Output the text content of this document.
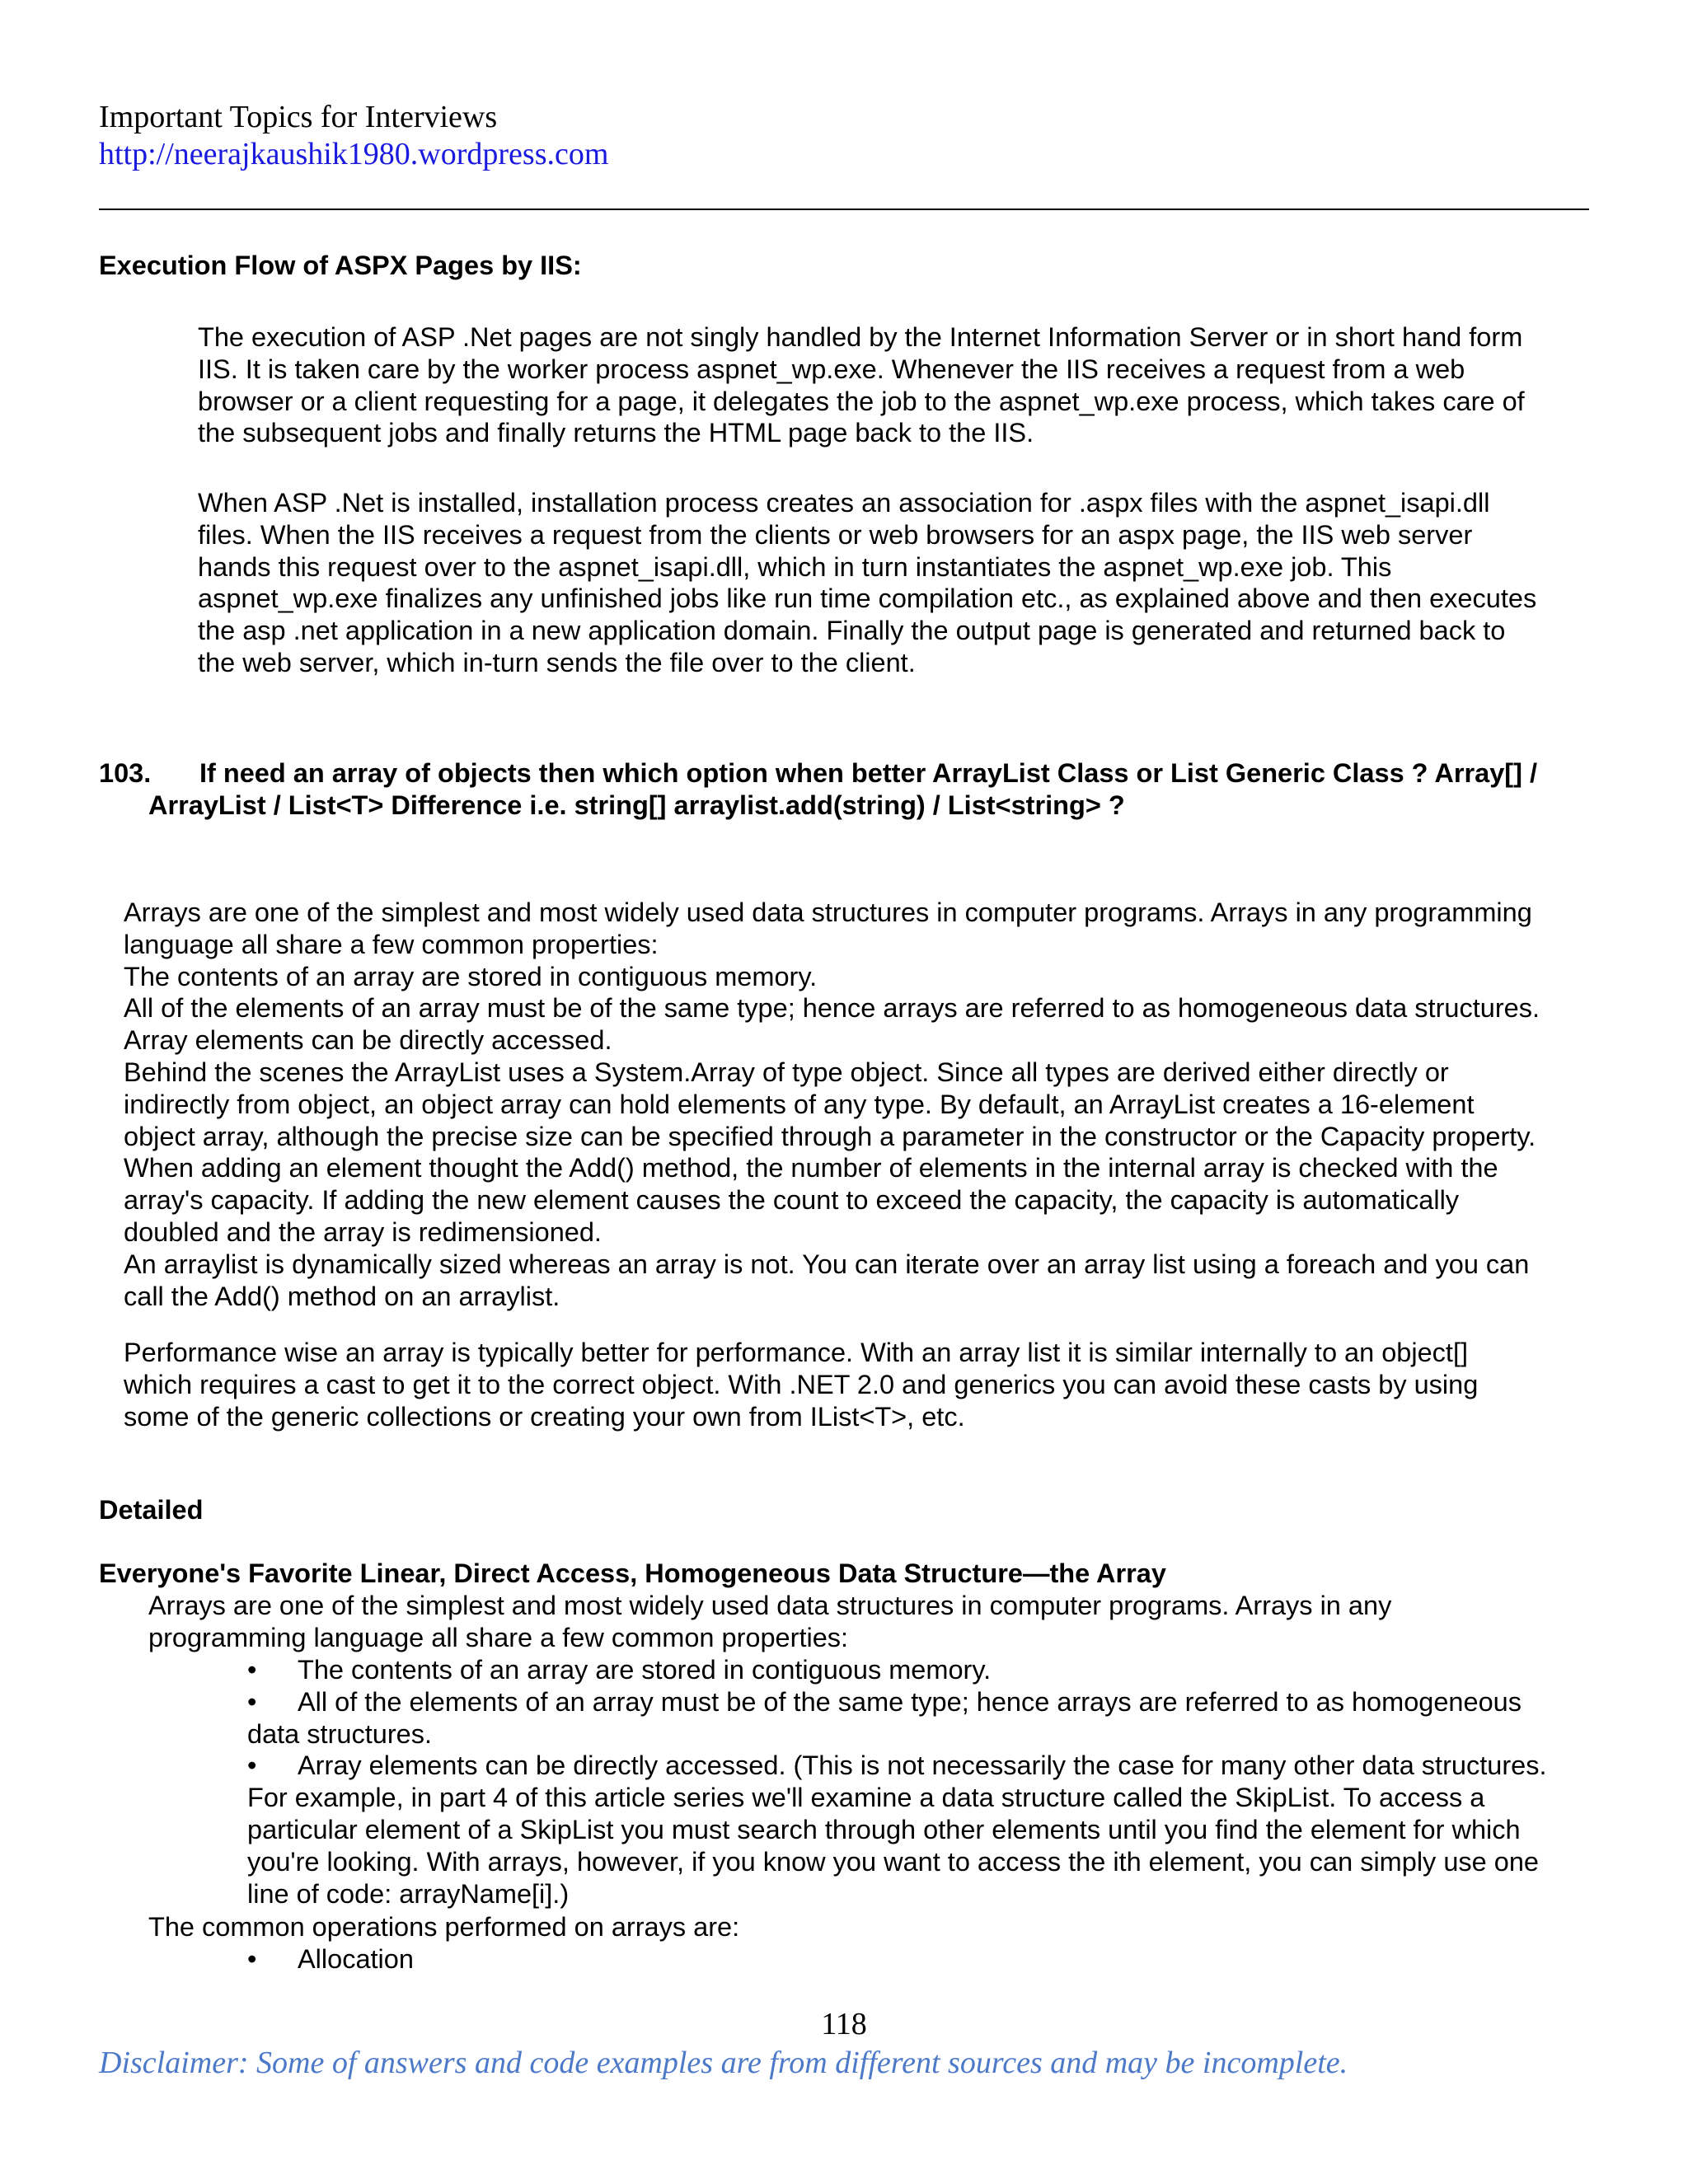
Important Topics for Interviews
http://neerajkaushik1980.wordpress.com
Execution Flow of ASPX Pages by IIS:
The execution of ASP .Net pages are not singly handled by the Internet Information Server or in short hand form
IIS. It is taken care by the worker process aspnet_wp.exe. Whenever the IIS receives a request from a web
browser or a client requesting for a page, it delegates the job to the aspnet_wp.exe process, which takes care of
the subsequent jobs and finally returns the HTML page back to the IIS.
When ASP .Net is installed, installation process creates an association for .aspx files with the aspnet_isapi.dll
files. When the IIS receives a request from the clients or web browsers for an aspx page, the IIS web server
hands this request over to the aspnet_isapi.dll, which in turn instantiates the aspnet_wp.exe job. This
aspnet_wp.exe finalizes any unfinished jobs like run time compilation etc., as explained above and then executes
the asp .net application in a new application domain. Finally the output page is generated and returned back to
the web server, which in-turn sends the file over to the client.
103. If need an array of objects then which option when better ArrayList Class or List Generic Class ? Array[] /
ArrayList / List<T> Difference i.e. string[] arraylist.add(string) / List<string> ?
Arrays are one of the simplest and most widely used data structures in computer programs. Arrays in any programming
language all share a few common properties:
The contents of an array are stored in contiguous memory.
All of the elements of an array must be of the same type; hence arrays are referred to as homogeneous data structures.
Array elements can be directly accessed.
Behind the scenes the ArrayList uses a System.Array of type object. Since all types are derived either directly or
indirectly from object, an object array can hold elements of any type. By default, an ArrayList creates a 16-element
object array, although the precise size can be specified through a parameter in the constructor or the Capacity property.
When adding an element thought the Add() method, the number of elements in the internal array is checked with the
array's capacity. If adding the new element causes the count to exceed the capacity, the capacity is automatically
doubled and the array is redimensioned.
An arraylist is dynamically sized whereas an array is not. You can iterate over an array list using a foreach and you can
call the Add() method on an arraylist.
Performance wise an array is typically better for performance. With an array list it is similar internally to an object[]
which requires a cast to get it to the correct object. With .NET 2.0 and generics you can avoid these casts by using
some of the generic collections or creating your own from IList<T>, etc.
Detailed
Everyone's Favorite Linear, Direct Access, Homogeneous Data Structure—the Array
Arrays are one of the simplest and most widely used data structures in computer programs. Arrays in any
programming language all share a few common properties:
• The contents of an array are stored in contiguous memory.
• All of the elements of an array must be of the same type; hence arrays are referred to as homogeneous
data structures.
• Array elements can be directly accessed. (This is not necessarily the case for many other data structures.
For example, in part 4 of this article series we'll examine a data structure called the SkipList. To access a
particular element of a SkipList you must search through other elements until you find the element for which
you're looking. With arrays, however, if you know you want to access the ith element, you can simply use one
line of code: arrayName[i].)
The common operations performed on arrays are:
• Allocation
118
Disclaimer: Some of answers and code examples are from different sources and may be incomplete.
